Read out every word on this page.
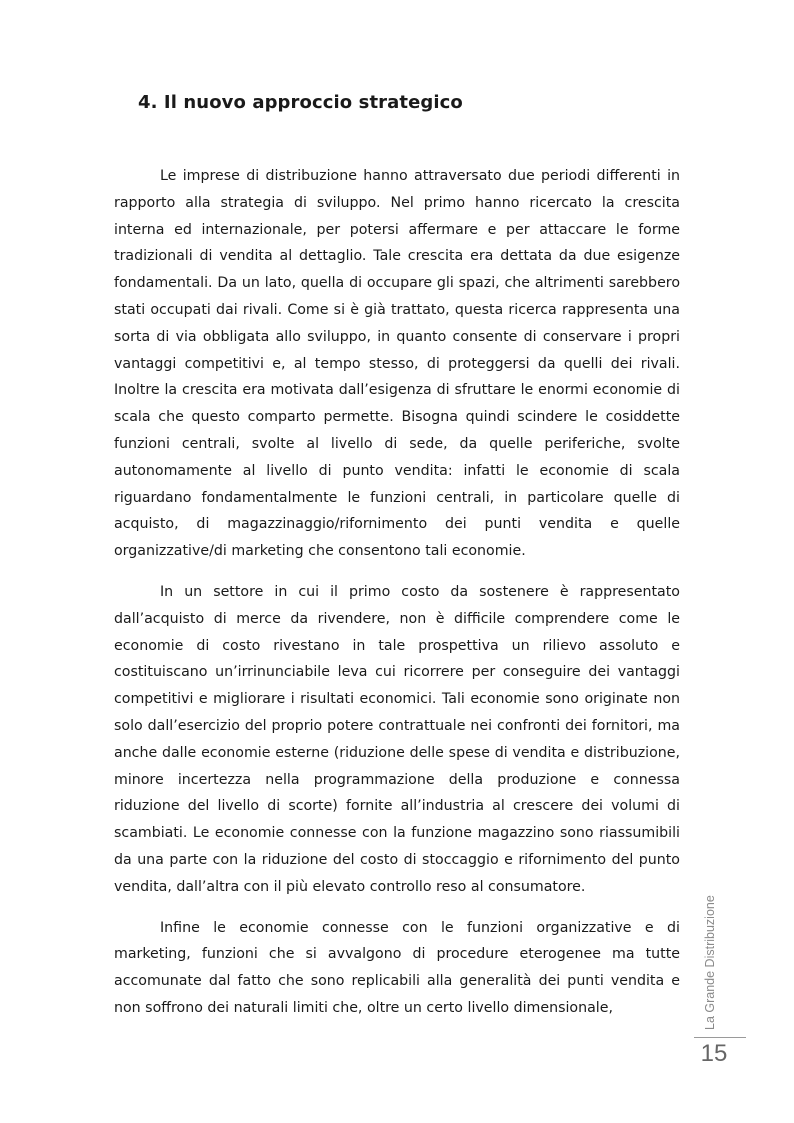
4. Il nuovo approccio strategico

Le imprese di distribuzione hanno attraversato due periodi differenti in rapporto alla strategia di sviluppo. Nel primo hanno ricercato la crescita interna ed internazionale, per potersi affermare e per attaccare le forme tradizionali di vendita al dettaglio. Tale crescita era dettata da due esigenze fondamentali. Da un lato, quella di occupare gli spazi, che altrimenti sarebbero stati occupati dai rivali. Come si è già trattato, questa ricerca rappresenta una sorta di via obbligata allo sviluppo, in quanto consente di conservare i propri vantaggi competitivi e, al tempo stesso, di proteggersi da quelli dei rivali. Inoltre la crescita era motivata dall’esigenza di sfruttare le enormi economie di scala che questo comparto permette. Bisogna quindi scindere le cosiddette funzioni centrali, svolte al livello di sede, da quelle periferiche, svolte autonomamente al livello di punto vendita: infatti le economie di scala riguardano fondamentalmente le funzioni centrali, in particolare quelle di acquisto, di magazzinaggio/rifornimento dei punti vendita e quelle organizzative/di marketing che consentono tali economie.

In un settore in cui il primo costo da sostenere è rappresentato dall’acquisto di merce da rivendere, non è difficile comprendere come le economie di costo rivestano in tale prospettiva un rilievo assoluto e costituiscano un’irrinunciabile leva cui ricorrere per conseguire dei vantaggi competitivi e migliorare i risultati economici. Tali economie sono originate non solo dall’esercizio del proprio potere contrattuale nei confronti dei fornitori, ma anche dalle economie esterne (riduzione delle spese di vendita e distribuzione, minore incertezza nella programmazione della produzione e connessa riduzione del livello di scorte) fornite all’industria al crescere dei volumi di scambiati. Le economie connesse con la funzione magazzino sono riassumibili da una parte con la riduzione del costo di stoccaggio e rifornimento del punto vendita, dall’altra con il più elevato controllo reso al consumatore.

Infine le economie connesse con le funzioni organizzative e di marketing, funzioni che si avvalgono di procedure eterogenee ma tutte accomunate dal fatto che sono replicabili alla generalità dei punti vendita e non soffrono dei naturali limiti che, oltre un certo livello dimensionale,	La Grande Distribuzione
15
